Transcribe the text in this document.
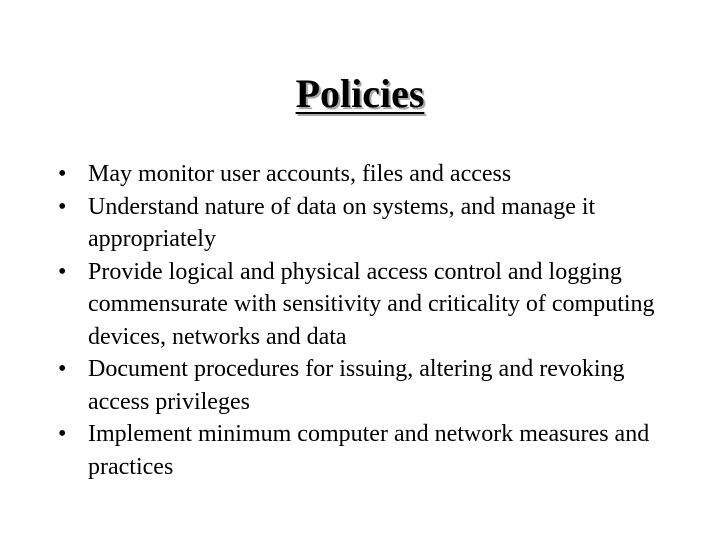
Policies
• May monitor user accounts, files and access
• Understand nature of data on systems, and manage it appropriately
• Provide logical and physical access control and logging commensurate with sensitivity and criticality of computing devices, networks and data
• Document procedures for issuing, altering and revoking access privileges
• Implement minimum computer and network measures and practices
